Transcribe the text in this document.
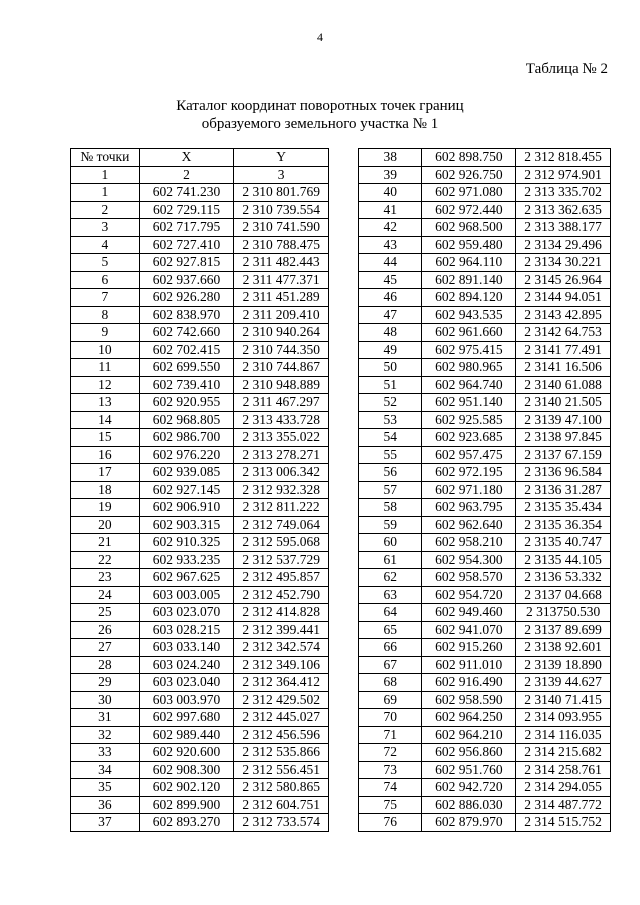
4
Таблица № 2
Каталог координат поворотных точек границ
образуемого земельного участка № 1
№ точки	X	Y
1	2	3
1	602 741.230	2 310 801.769
2	602 729.115	2 310 739.554
3	602 717.795	2 310 741.590
4	602 727.410	2 310 788.475
5	602 927.815	2 311 482.443
6	602 937.660	2 311 477.371
7	602 926.280	2 311 451.289
8	602 838.970	2 311 209.410
9	602 742.660	2 310 940.264
10	602 702.415	2 310 744.350
11	602 699.550	2 310 744.867
12	602 739.410	2 310 948.889
13	602 920.955	2 311 467.297
14	602 968.805	2 313 433.728
15	602 986.700	2 313 355.022
16	602 976.220	2 313 278.271
17	602 939.085	2 313 006.342
18	602 927.145	2 312 932.328
19	602 906.910	2 312 811.222
20	602 903.315	2 312 749.064
21	602 910.325	2 312 595.068
22	602 933.235	2 312 537.729
23	602 967.625	2 312 495.857
24	603 003.005	2 312 452.790
25	603 023.070	2 312 414.828
26	603 028.215	2 312 399.441
27	603 033.140	2 312 342.574
28	603 024.240	2 312 349.106
29	603 023.040	2 312 364.412
30	603 003.970	2 312 429.502
31	602 997.680	2 312 445.027
32	602 989.440	2 312 456.596
33	602 920.600	2 312 535.866
34	602 908.300	2 312 556.451
35	602 902.120	2 312 580.865
36	602 899.900	2 312 604.751
37	602 893.270	2 312 733.574
38	602 898.750	2 312 818.455
39	602 926.750	2 312 974.901
40	602 971.080	2 313 335.702
41	602 972.440	2 313 362.635
42	602 968.500	2 313 388.177
43	602 959.480	2 3134 29.496
44	602 964.110	2 3134 30.221
45	602 891.140	2 3145 26.964
46	602 894.120	2 3144 94.051
47	602 943.535	2 3143 42.895
48	602 961.660	2 3142 64.753
49	602 975.415	2 3141 77.491
50	602 980.965	2 3141 16.506
51	602 964.740	2 3140 61.088
52	602 951.140	2 3140 21.505
53	602 925.585	2 3139 47.100
54	602 923.685	2 3138 97.845
55	602 957.475	2 3137 67.159
56	602 972.195	2 3136 96.584
57	602 971.180	2 3136 31.287
58	602 963.795	2 3135 35.434
59	602 962.640	2 3135 36.354
60	602 958.210	2 3135 40.747
61	602 954.300	2 3135 44.105
62	602 958.570	2 3136 53.332
63	602 954.720	2 3137 04.668
64	602 949.460	2 313750.530
65	602 941.070	2 3137 89.699
66	602 915.260	2 3138 92.601
67	602 911.010	2 3139 18.890
68	602 916.490	2 3139 44.627
69	602 958.590	2 3140 71.415
70	602 964.250	2 314 093.955
71	602 964.210	2 314 116.035
72	602 956.860	2 314 215.682
73	602 951.760	2 314 258.761
74	602 942.720	2 314 294.055
75	602 886.030	2 314 487.772
76	602 879.970	2 314 515.752
